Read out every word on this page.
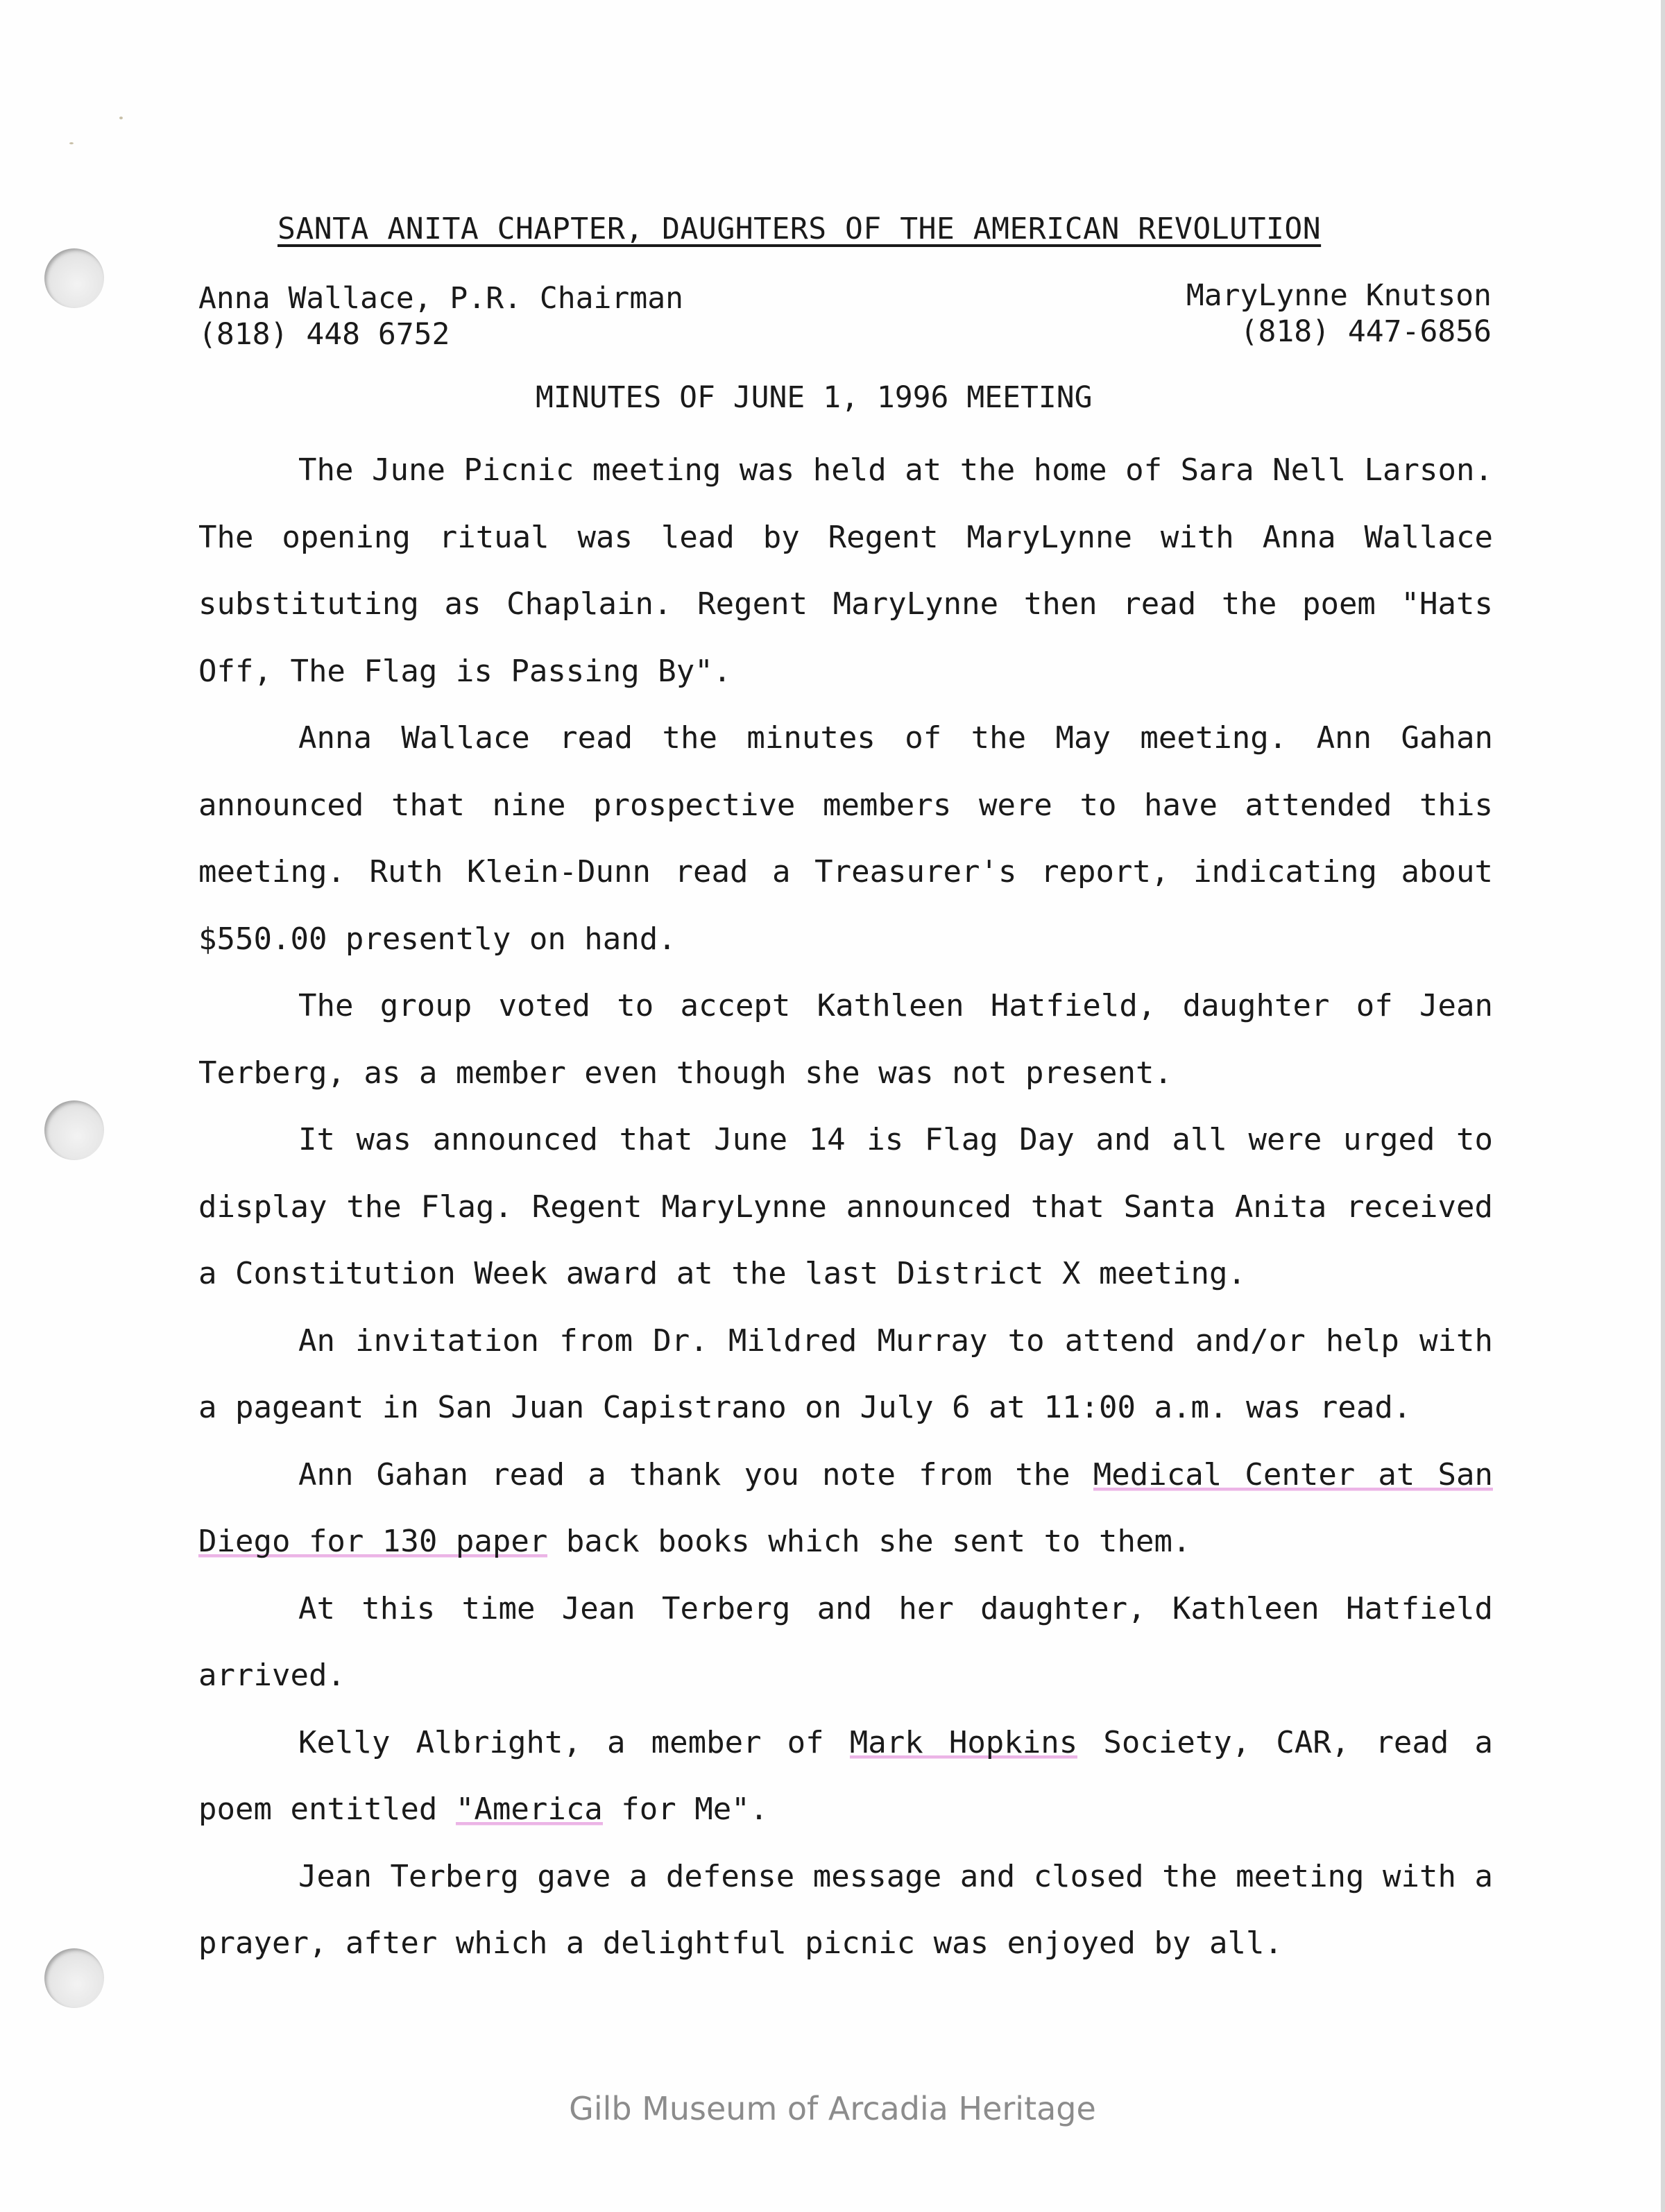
SANTA ANITA CHAPTER, DAUGHTERS OF THE AMERICAN REVOLUTION
Anna Wallace, P.R. Chairman
(818) 448 6752
MaryLynne Knutson
(818) 447-6856
MINUTES OF JUNE 1, 1996 MEETING

The June Picnic meeting was held at the home of Sara Nell Larson. The opening ritual was lead by Regent MaryLynne with Anna Wallace substituting as Chaplain. Regent MaryLynne then read the poem "Hats Off, The Flag is Passing By".

Anna Wallace read the minutes of the May meeting. Ann Gahan announced that nine prospective members were to have attended this meeting. Ruth Klein-Dunn read a Treasurer's report, indicating about $550.00 presently on hand.

The group voted to accept Kathleen Hatfield, daughter of Jean Terberg, as a member even though she was not present.

It was announced that June 14 is Flag Day and all were urged to display the Flag. Regent MaryLynne announced that Santa Anita received a Constitution Week award at the last District X meeting.

An invitation from Dr. Mildred Murray to attend and/or help with a pageant in San Juan Capistrano on July 6 at 11:00 a.m. was read.

Ann Gahan read a thank you note from the Medical Center at San Diego for 130 paper back books which she sent to them.

At this time Jean Terberg and her daughter, Kathleen Hatfield arrived.

Kelly Albright, a member of Mark Hopkins Society, CAR, read a poem entitled "America for Me".

Jean Terberg gave a defense message and closed the meeting with a prayer, after which a delightful picnic was enjoyed by all.

Gilb Museum of Arcadia Heritage
